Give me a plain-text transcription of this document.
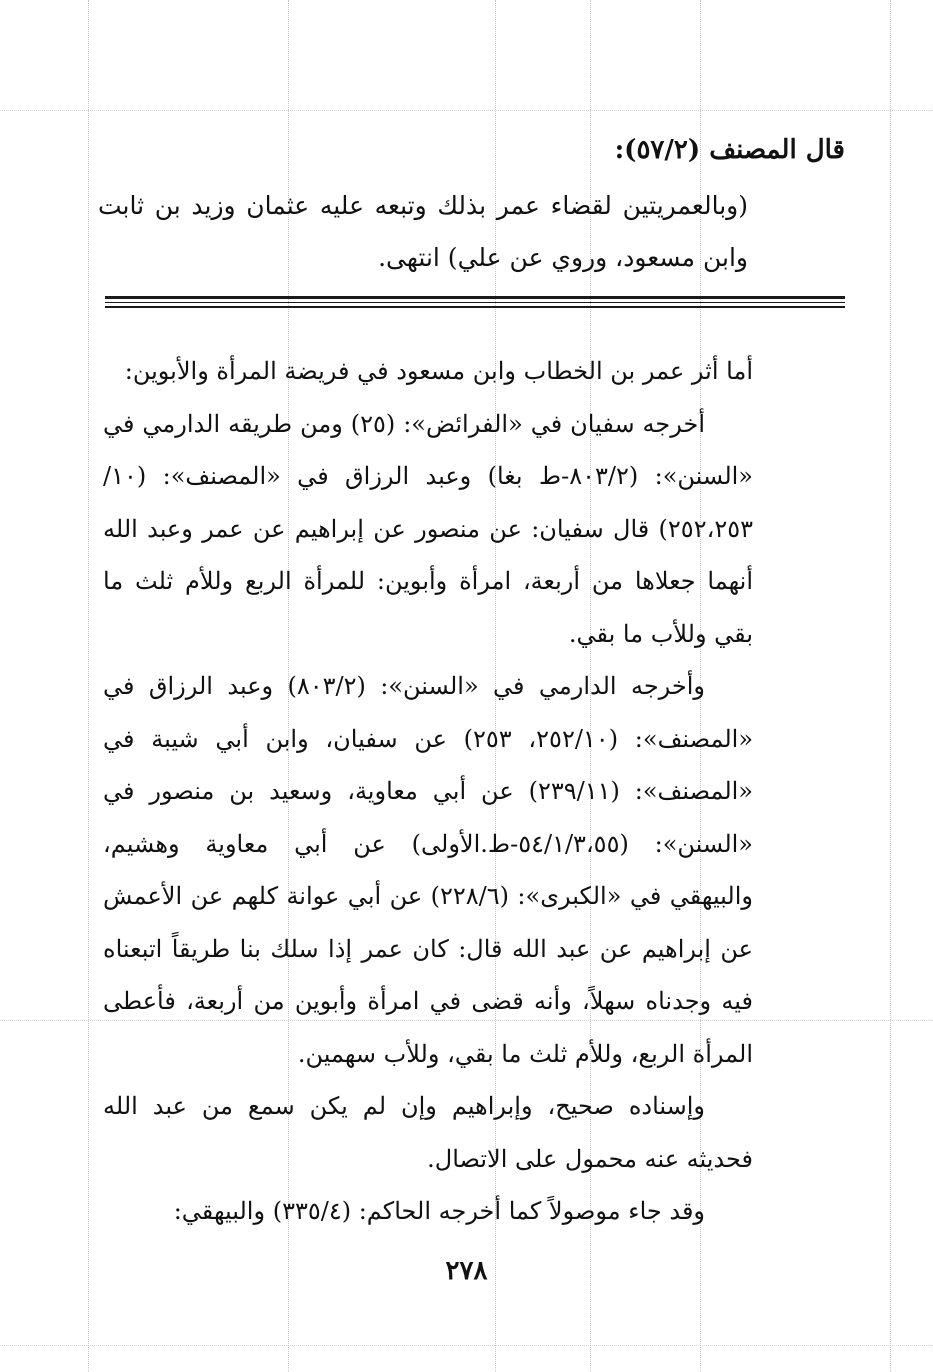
قال المصنف (٥٧/٢):
(وبالعمريتين لقضاء عمر بذلك وتبعه عليه عثمان وزيد بن ثابت وابن مسعود، وروي عن علي) انتهى.

أما أثر عمر بن الخطاب وابن مسعود في فريضة المرأة والأبوين:

أخرجه سفيان في «الفرائض»: (٢٥) ومن طريقه الدارمي في «السنن»: (٨٠٣/٢-ط بغا) وعبد الرزاق في «المصنف»: (١٠/ ٢٥٢،٢٥٣) قال سفيان: عن منصور عن إبراهيم عن عمر وعبد الله أنهما جعلاها من أربعة، امرأة وأبوين: للمرأة الربع وللأم ثلث ما بقي وللأب ما بقي.

وأخرجه الدارمي في «السنن»: (٨٠٣/٢) وعبد الرزاق في «المصنف»: (٢٥٢/١٠، ٢٥٣) عن سفيان، وابن أبي شيبة في «المصنف»: (٢٣٩/١١) عن أبي معاوية، وسعيد بن منصور في «السنن»: (٥٤/١/٣،٥٥-ط.الأولى) عن أبي معاوية وهشيم، والبيهقي في «الكبرى»: (٢٢٨/٦) عن أبي عوانة كلهم عن الأعمش عن إبراهيم عن عبد الله قال: كان عمر إذا سلك بنا طريقاً اتبعناه فيه وجدناه سهلاً، وأنه قضى في امرأة وأبوين من أربعة، فأعطى المرأة الربع، وللأم ثلث ما بقي، وللأب سهمين.

وإسناده صحيح، وإبراهيم وإن لم يكن سمع من عبد الله فحديثه عنه محمول على الاتصال.

وقد جاء موصولاً كما أخرجه الحاكم: (٣٣٥/٤) والبيهقي:

٢٧٨
